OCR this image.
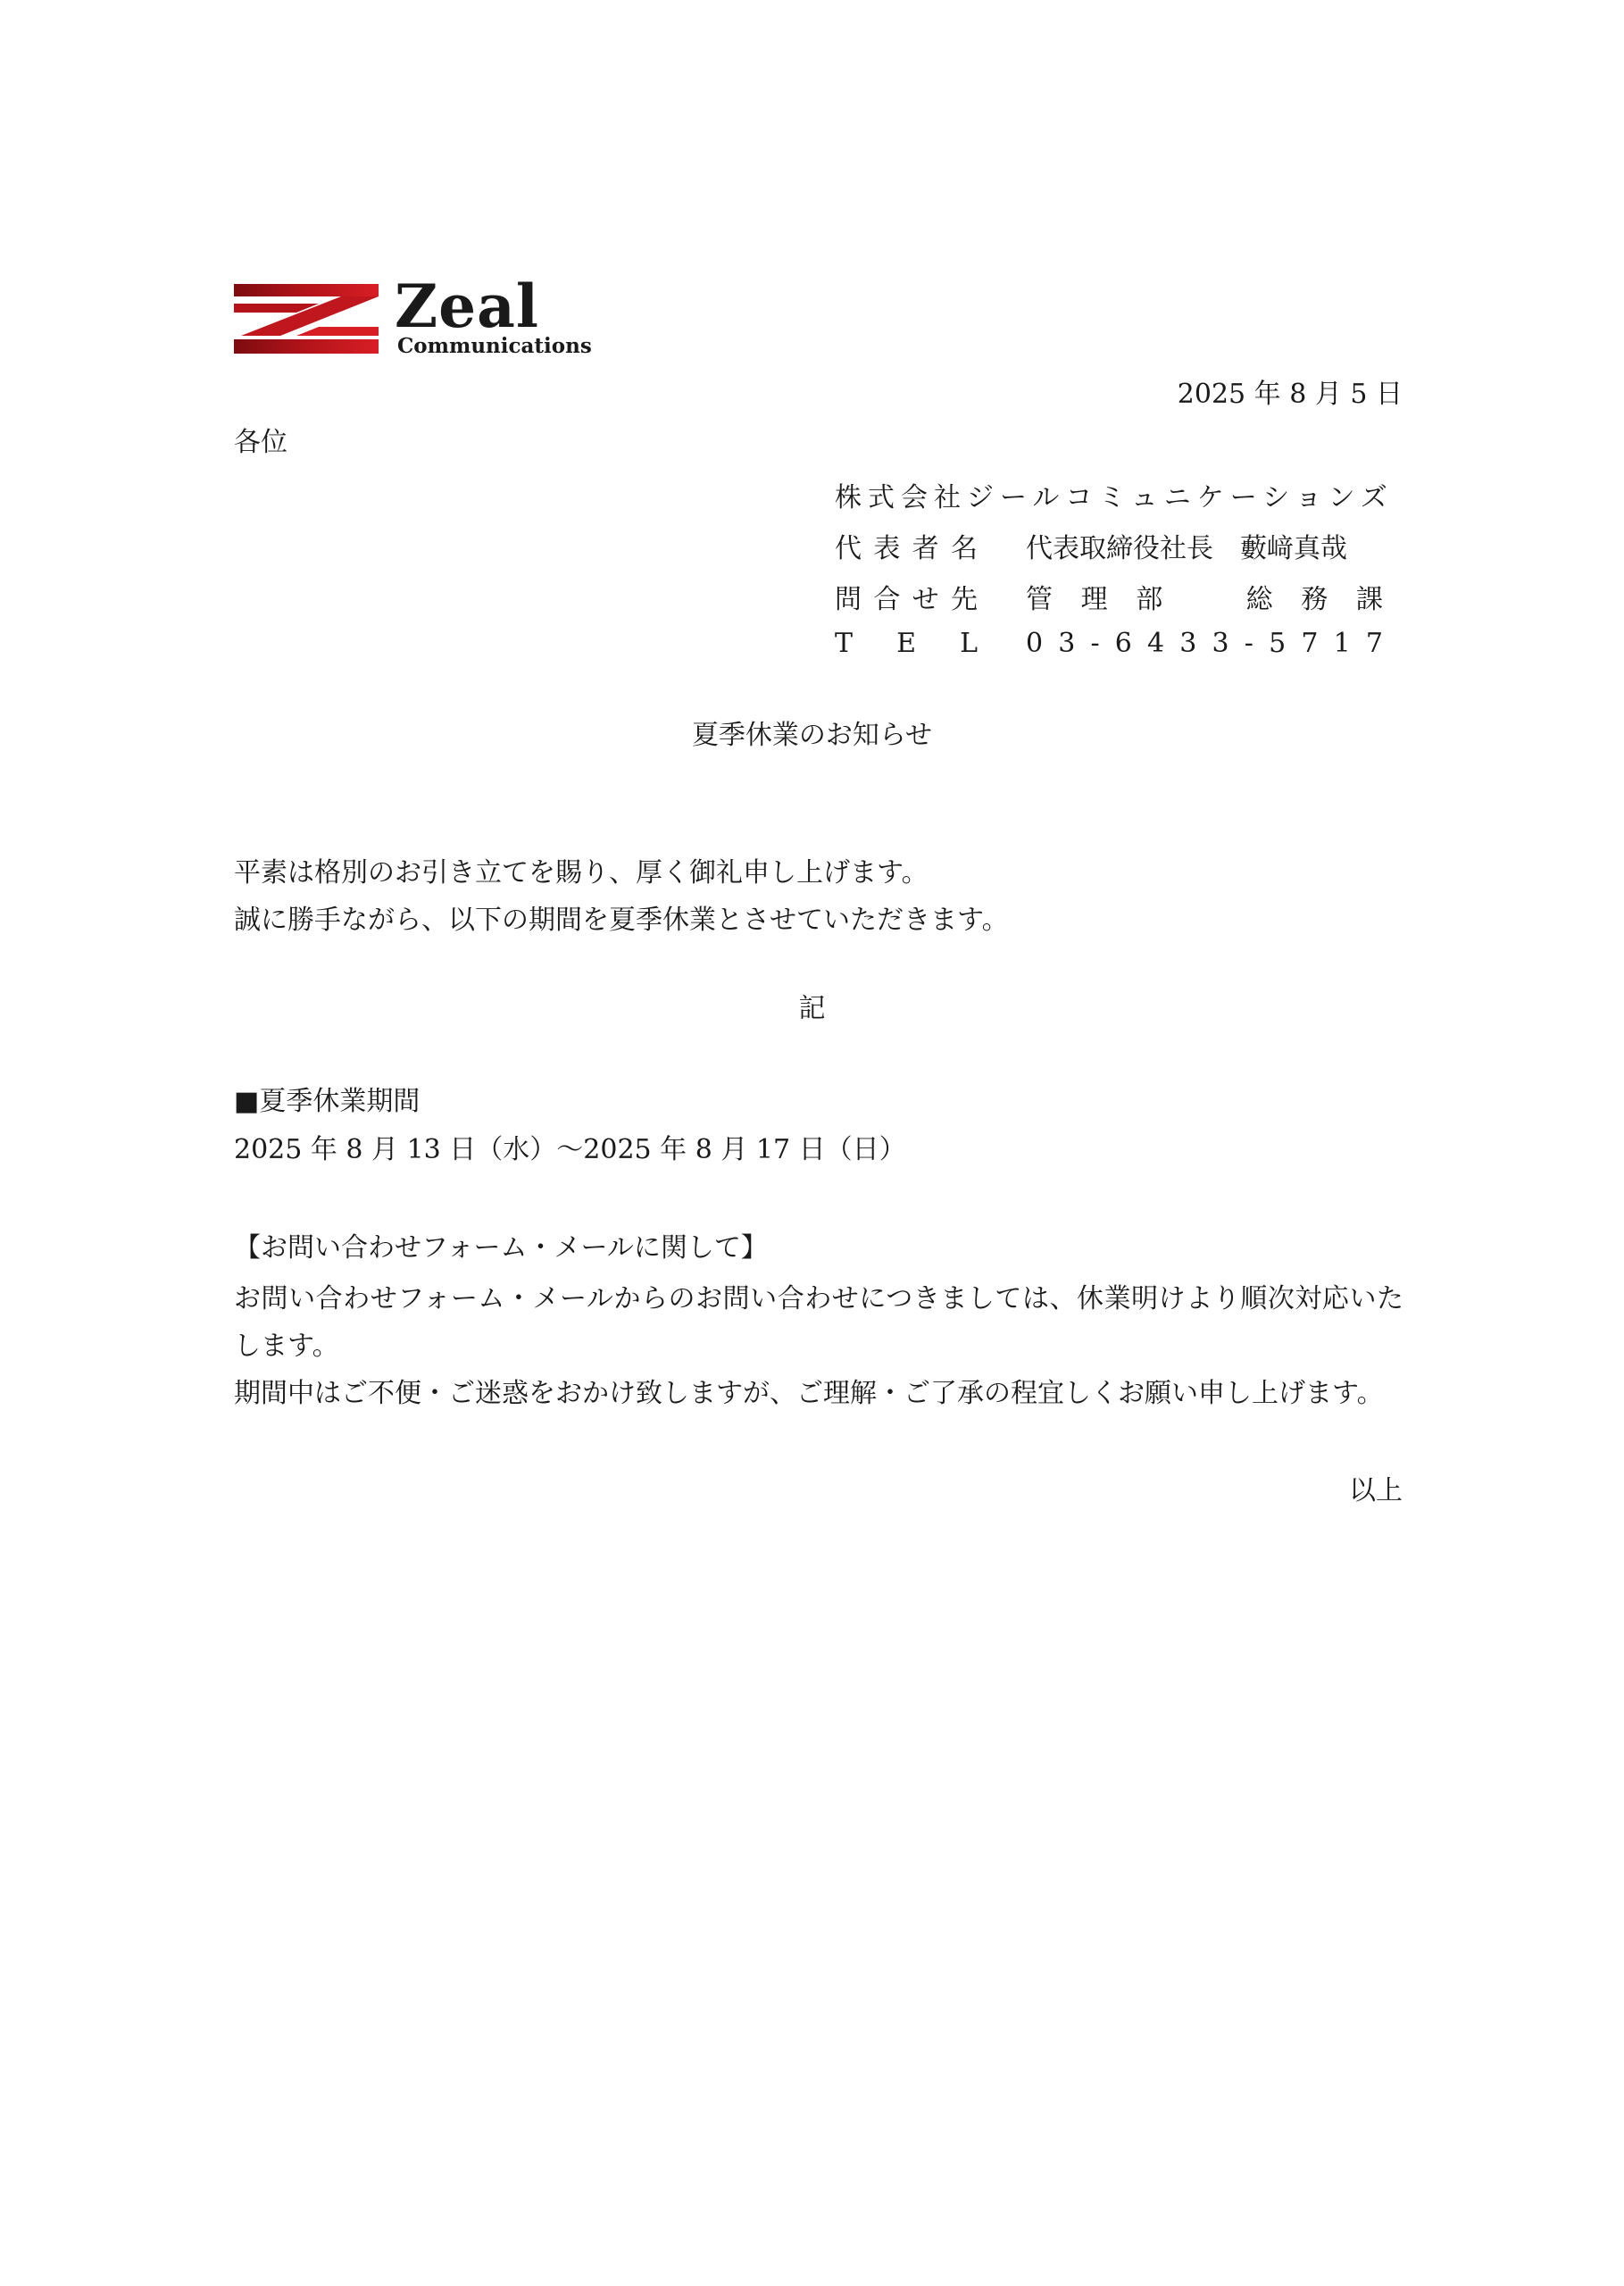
Zeal
Communications
2025 年 8 月 5 日
各位
株式会社ジールコミュニケーションズ
代 表 者 名 代表取締役社長　藪﨑真哉
問 合 せ 先 管 理 部	総 務 課
T E L 0 3 - 6 4 3 3 - 5 7 1 7
夏季休業のお知らせ
平素は格別のお引き立てを賜り、厚く御礼申し上げます。
誠に勝手ながら、以下の期間を夏季休業とさせていただきます。
記
■夏季休業期間
2025 年 8 月 13 日（水）～2025 年 8 月 17 日（日）
【お問い合わせフォーム・メールに関して】
お問い合わせフォーム・メールからのお問い合わせにつきましては、休業明けより順次対応いたします。
期間中はご不便・ご迷惑をおかけ致しますが、ご理解・ご了承の程宜しくお願い申し上げます。
以上
